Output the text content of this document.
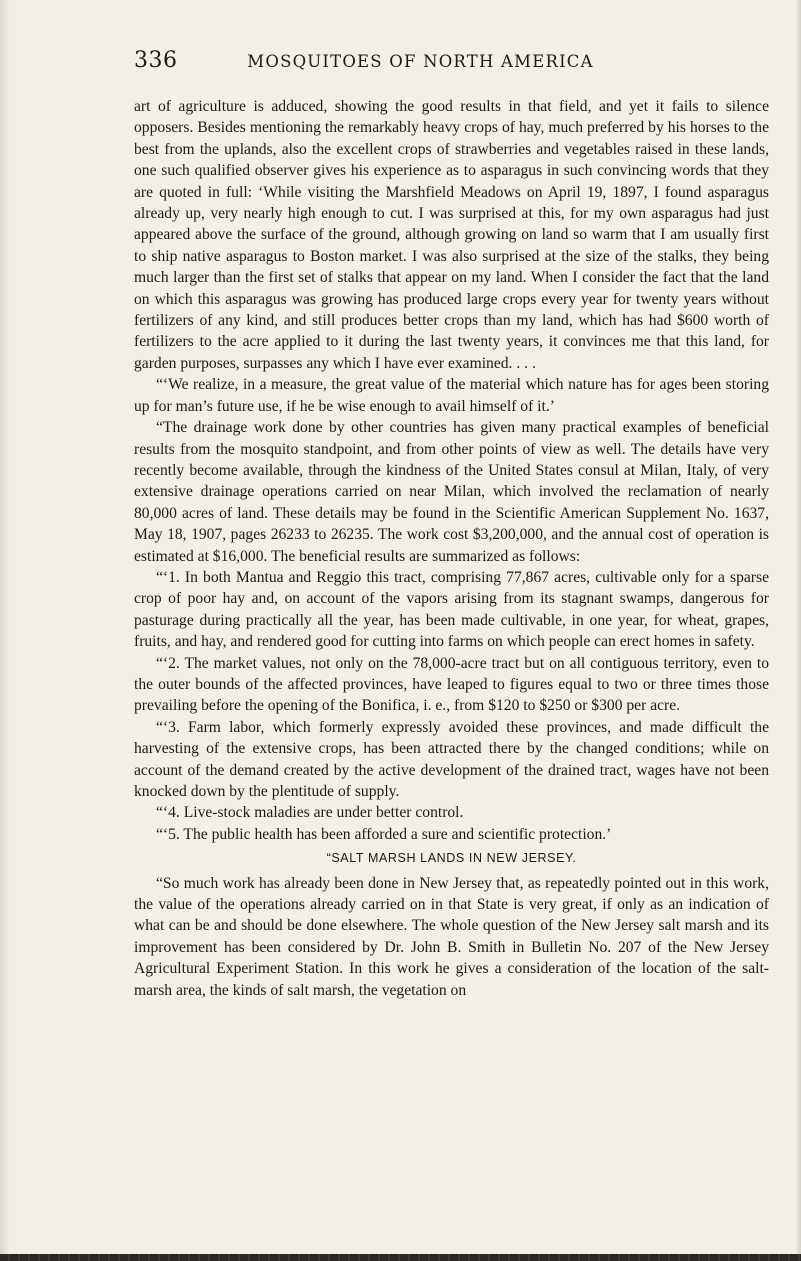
336	MOSQUITOES OF NORTH AMERICA

art of agriculture is adduced, showing the good results in that field, and yet it fails to silence opposers. Besides mentioning the remarkably heavy crops of hay, much preferred by his horses to the best from the uplands, also the excellent crops of strawberries and vegetables raised in these lands, one such qualified observer gives his experience as to asparagus in such convincing words that they are quoted in full: ‘While visiting the Marshfield Meadows on April 19, 1897, I found asparagus already up, very nearly high enough to cut. I was surprised at this, for my own asparagus had just appeared above the surface of the ground, although growing on land so warm that I am usually first to ship native asparagus to Boston market. I was also surprised at the size of the stalks, they being much larger than the first set of stalks that appear on my land. When I consider the fact that the land on which this asparagus was growing has produced large crops every year for twenty years without fertilizers of any kind, and still produces better crops than my land, which has had $600 worth of fertilizers to the acre applied to it during the last twenty years, it convinces me that this land, for garden purposes, surpasses any which I have ever examined. . . .

“‘We realize, in a measure, the great value of the material which nature has for ages been storing up for man’s future use, if he be wise enough to avail himself of it.’

“The drainage work done by other countries has given many practical examples of beneficial results from the mosquito standpoint, and from other points of view as well. The details have very recently become available, through the kindness of the United States consul at Milan, Italy, of very extensive drainage operations carried on near Milan, which involved the reclamation of nearly 80,000 acres of land. These details may be found in the Scientific American Supplement No. 1637, May 18, 1907, pages 26233 to 26235. The work cost $3,200,000, and the annual cost of operation is estimated at $16,000. The beneficial results are summarized as follows:

“‘1. In both Mantua and Reggio this tract, comprising 77,867 acres, cultivable only for a sparse crop of poor hay and, on account of the vapors arising from its stagnant swamps, dangerous for pasturage during practically all the year, has been made cultivable, in one year, for wheat, grapes, fruits, and hay, and rendered good for cutting into farms on which people can erect homes in safety.

“‘2. The market values, not only on the 78,000-acre tract but on all contiguous territory, even to the outer bounds of the affected provinces, have leaped to figures equal to two or three times those prevailing before the opening of the Bonifica, i. e., from $120 to $250 or $300 per acre.

“‘3. Farm labor, which formerly expressly avoided these provinces, and made difficult the harvesting of the extensive crops, has been attracted there by the changed conditions; while on account of the demand created by the active development of the drained tract, wages have not been knocked down by the plentitude of supply.

“‘4. Live-stock maladies are under better control.

“‘5. The public health has been afforded a sure and scientific protection.’

“SALT MARSH LANDS IN NEW JERSEY.

“So much work has already been done in New Jersey that, as repeatedly pointed out in this work, the value of the operations already carried on in that State is very great, if only as an indication of what can be and should be done elsewhere. The whole question of the New Jersey salt marsh and its improvement has been considered by Dr. John B. Smith in Bulletin No. 207 of the New Jersey Agricultural Experiment Station. In this work he gives a consideration of the location of the salt-marsh area, the kinds of salt marsh, the vegetation on
